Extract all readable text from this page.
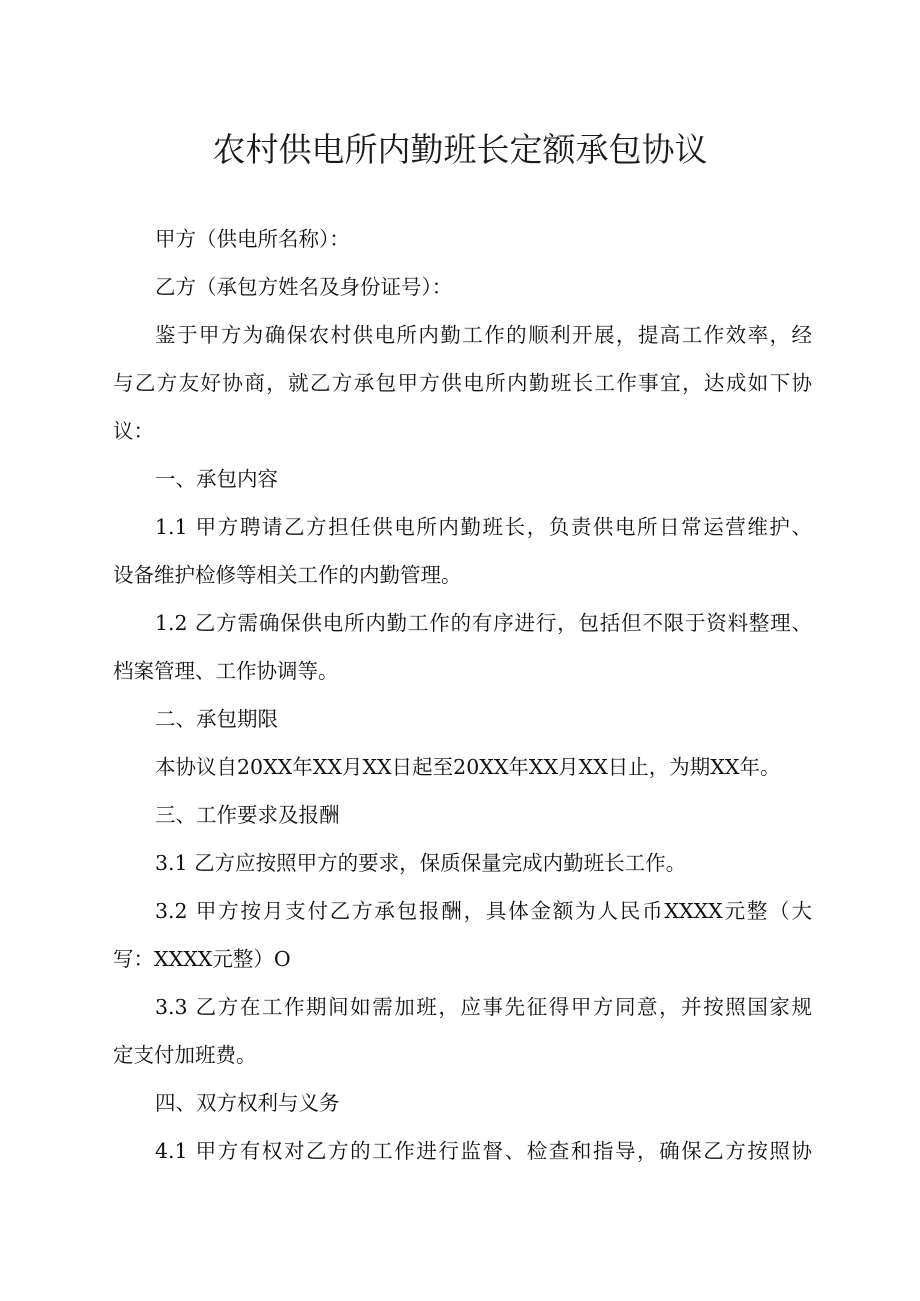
农村供电所内勤班长定额承包协议

甲方（供电所名称）：

乙方（承包方姓名及身份证号）：

鉴于甲方为确保农村供电所内勤工作的顺利开展，提高工作效率，经

与乙方友好协商，就乙方承包甲方供电所内勤班长工作事宜，达成如下协

议：

一、承包内容

1.1 甲方聘请乙方担任供电所内勤班长，负责供电所日常运营维护、

设备维护检修等相关工作的内勤管理。

1.2 乙方需确保供电所内勤工作的有序进行，包括但不限于资料整理、

档案管理、工作协调等。

二、承包期限

本协议自20XX年XX月XX日起至20XX年XX月XX日止，为期XX年。

三、工作要求及报酬

3.1 乙方应按照甲方的要求，保质保量完成内勤班长工作。

3.2 甲方按月支付乙方承包报酬，具体金额为人民币XXXX元整（大

写：XXXX元整）O

3.3 乙方在工作期间如需加班，应事先征得甲方同意，并按照国家规

定支付加班费。

四、双方权利与义务

4.1 甲方有权对乙方的工作进行监督、检查和指导，确保乙方按照协
